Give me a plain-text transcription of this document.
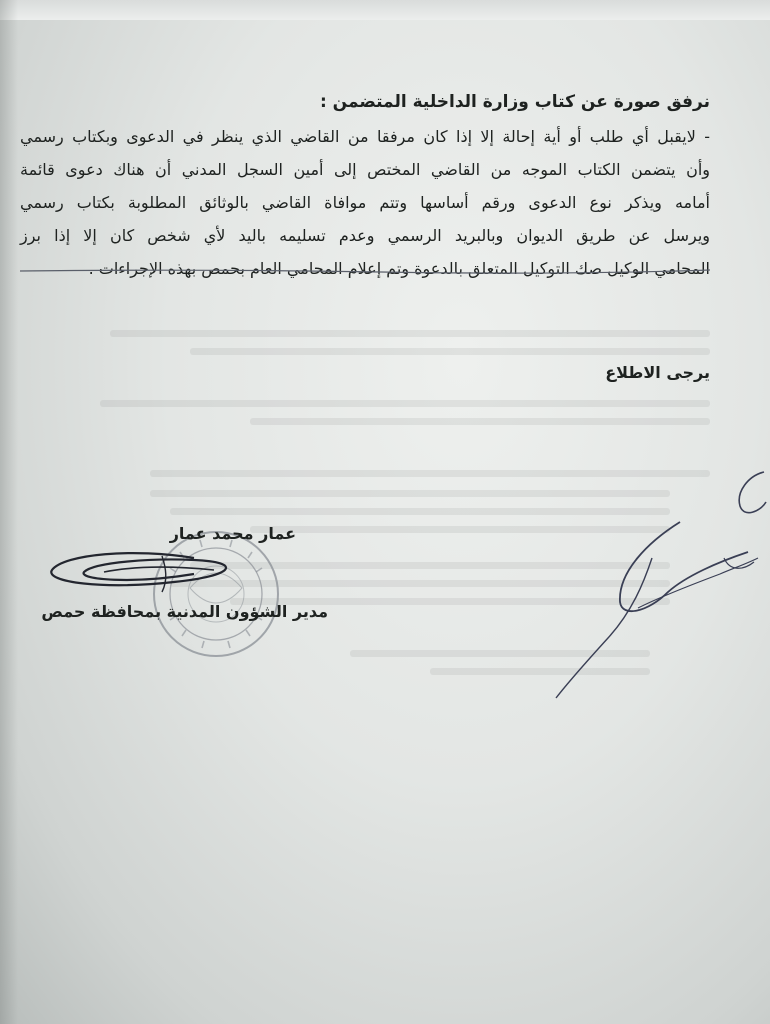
نرفق صورة عن كتاب وزارة الداخلية المتضمن :
- لايقبل أي طلب أو أية إحالة إلا إذا كان مرفقا من القاضي الذي ينظر في الدعوى وبكتاب رسمي
وأن يتضمن الكتاب الموجه من القاضي المختص إلى أمين السجل المدني أن هناك دعوى قائمة
أمامه ويذكر نوع الدعوى ورقم أساسها وتتم موافاة القاضي بالوثائق المطلوبة بكتاب رسمي
ويرسل عن طريق الديوان وبالبريد الرسمي وعدم تسليمه باليد لأي شخص كان إلا إذا برز
المحامي الوكيل صك التوكيل المتعلق بالدعوة وتم إعلام المحامي العام بحمص بهذه الإجراءات .
يرجى الاطلاع
عمار محمد عمار
مدير الشؤون المدنية بمحافظة حمص
